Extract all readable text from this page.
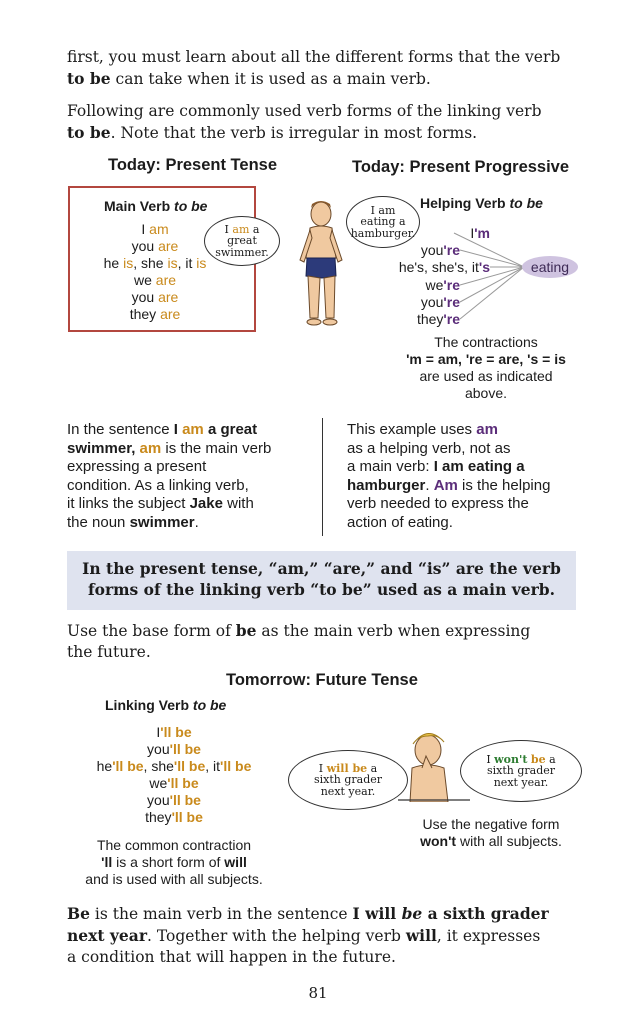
first, you must learn about all the different forms that the verb
to be can take when it is used as a main verb.
Following are commonly used verb forms of the linking verb
to be. Note that the verb is irregular in most forms.
Today: Present Tense	Today: Present Progressive
Main Verb to be
I am
you are
he is, she is, it is
we are
you are
they are
I am a
great
swimmer.
I am
eating a
hamburger.
Helping Verb to be
I'm
you're
he's, she's, it's
we're
you're
they're
eating
The contractions
'm = am, 're = are, 's = is
are used as indicated
above.
In the sentence I am a great
swimmer, am is the main verb
expressing a present
condition. As a linking verb,
it links the subject Jake with
the noun swimmer.
This example uses am
as a helping verb, not as
a main verb: I am eating a
hamburger. Am is the helping
verb needed to express the
action of eating.
In the present tense, “am,” “are,” and “is” are the verb
forms of the linking verb “to be” used as a main verb.
Use the base form of be as the main verb when expressing
the future.
Tomorrow: Future Tense
Linking Verb to be
I'll be
you'll be
he'll be, she'll be, it'll be
we'll be
you'll be
they'll be
The common contraction
'll is a short form of will
and is used with all subjects.
I will be a
sixth grader
next year.
I won't be a
sixth grader
next year.
Use the negative form
won't with all subjects.
Be is the main verb in the sentence I will be a sixth grader
next year. Together with the helping verb will, it expresses
a condition that will happen in the future.
81
